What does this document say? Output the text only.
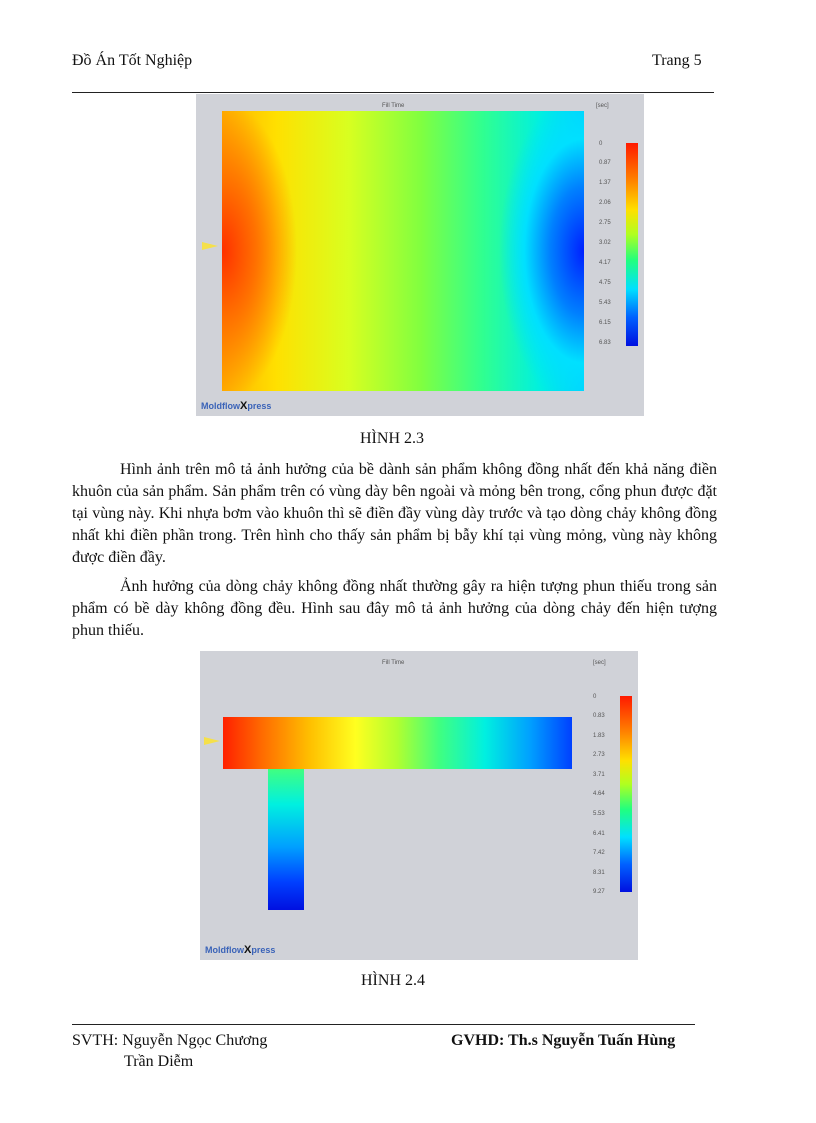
Đồ Án Tốt Nghiệp	Trang 5
Fill Time	[sec]
0
0.87
1.37
2.06
2.75
3.02
4.17
4.75
5.43
6.15
6.83
MoldflowXpress
HÌNH 2.3

Hình ảnh trên mô tả ảnh hưởng của bề dành sản phẩm không đồng nhất đến khả năng điền khuôn của sản phẩm. Sản phẩm trên có vùng dày bên ngoài và mỏng bên trong, cổng phun được đặt tại vùng này. Khi nhựa bơm vào khuôn thì sẽ điền đầy vùng dày trước và tạo dòng chảy không đồng nhất khi điền phần trong. Trên hình cho thấy sản phẩm bị bẫy khí tại vùng mỏng, vùng này không được điền đầy.

Ảnh hưởng của dòng chảy không đồng nhất thường gây ra hiện tượng phun thiếu trong sản phẩm có bề dày không đồng đều. Hình sau đây mô tả ảnh hưởng của dòng chảy đến hiện tượng phun thiếu.

Fill Time	[sec]
0
0.83
1.83
2.73
3.71
4.64
5.53
6.41
7.42
8.31
9.27
MoldflowXpress
HÌNH 2.4
SVTH: Nguyễn Ngọc Chương
Trần Diễm
GVHD: Th.s Nguyễn Tuấn Hùng
